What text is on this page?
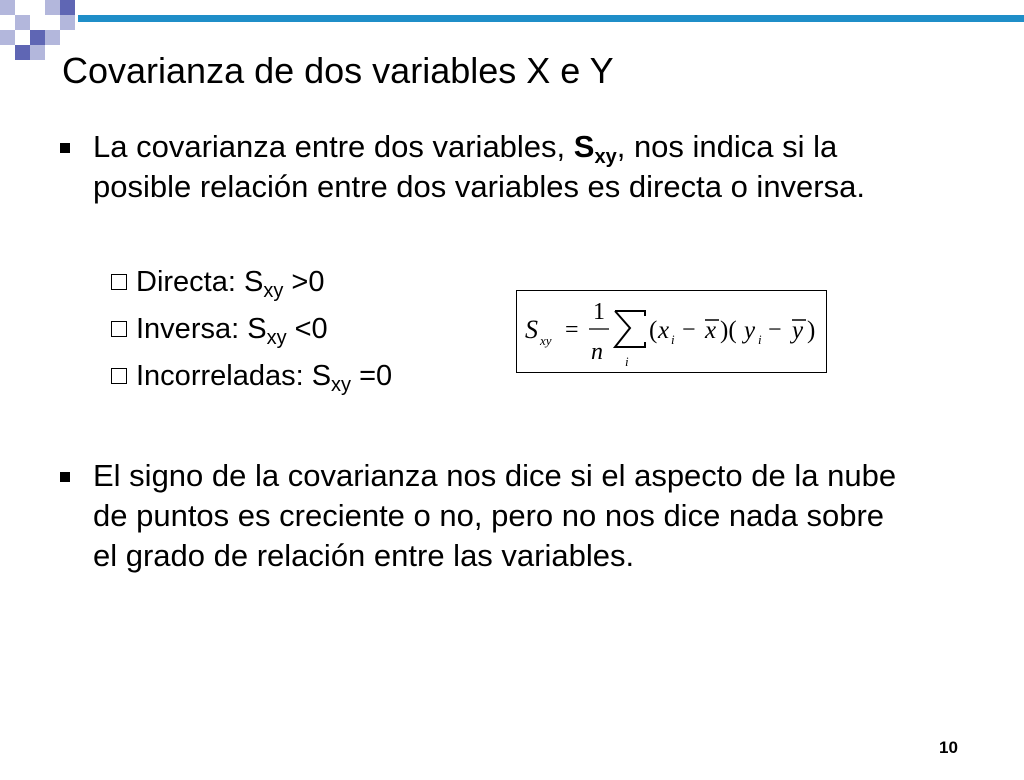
Covarianza de dos variables X e Y
La covarianza entre dos variables, $S_{xy}$, nos indica si la posible relación entre dos variables es directa o inversa.
Directa: $S_{xy} >0$
Inversa: $S_{xy} <0$
Incorreladas: $S_{xy} =0$
S xy =
1
n i
( x i − x )( y i − y )
El signo de la covarianza nos dice si el aspecto de la nube de puntos es creciente o no, pero no nos dice nada sobre el grado de relación entre las variables.
10
